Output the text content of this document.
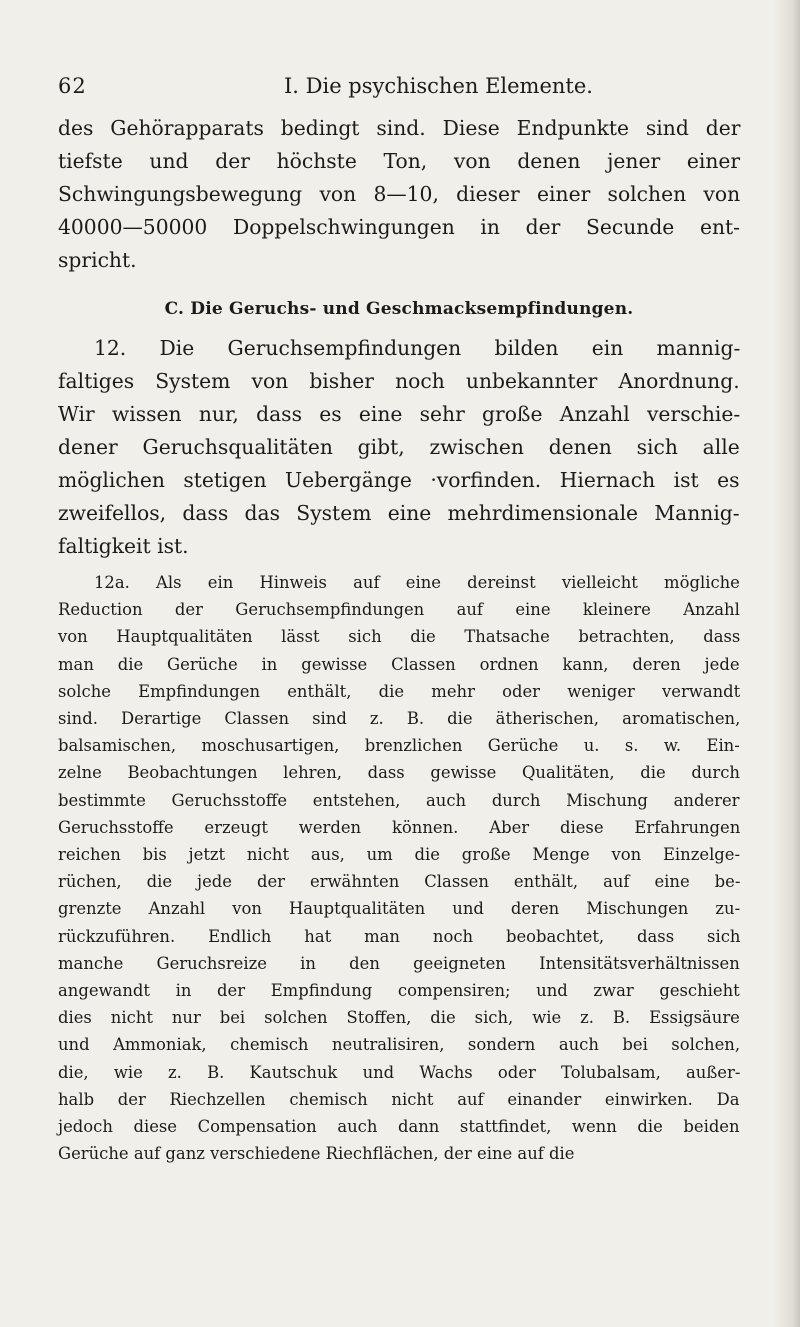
62	I. Die psychischen Elemente.

des Gehörapparats bedingt sind. Diese Endpunkte sind der
tiefste und der höchste Ton, von denen jener einer
Schwingungsbewegung von 8—10, dieser einer solchen von
40000—50000 Doppelschwingungen in der Secunde ent-
spricht.

C. Die Geruchs- und Geschmacksempfindungen.

12. Die Geruchsempfindungen bilden ein mannig-
faltiges System von bisher noch unbekannter Anordnung.
Wir wissen nur, dass es eine sehr große Anzahl verschie-
dener Geruchsqualitäten gibt, zwischen denen sich alle
möglichen stetigen Uebergänge ·vorfinden. Hiernach ist es
zweifellos, dass das System eine mehrdimensionale Mannig-
faltigkeit ist.

12a. Als ein Hinweis auf eine dereinst vielleicht mögliche
Reduction der Geruchsempfindungen auf eine kleinere Anzahl
von Hauptqualitäten lässt sich die Thatsache betrachten, dass
man die Gerüche in gewisse Classen ordnen kann, deren jede
solche Empfindungen enthält, die mehr oder weniger verwandt
sind. Derartige Classen sind z. B. die ätherischen, aromatischen,
balsamischen, moschusartigen, brenzlichen Gerüche u. s. w. Ein-
zelne Beobachtungen lehren, dass gewisse Qualitäten, die durch
bestimmte Geruchsstoffe entstehen, auch durch Mischung anderer
Geruchsstoffe erzeugt werden können. Aber diese Erfahrungen
reichen bis jetzt nicht aus, um die große Menge von Einzelge-
rüchen, die jede der erwähnten Classen enthält, auf eine be-
grenzte Anzahl von Hauptqualitäten und deren Mischungen zu-
rückzuführen. Endlich hat man noch beobachtet, dass sich
manche Geruchsreize in den geeigneten Intensitätsverhältnissen
angewandt in der Empfindung compensiren; und zwar geschieht
dies nicht nur bei solchen Stoffen, die sich, wie z. B. Essigsäure
und Ammoniak, chemisch neutralisiren, sondern auch bei solchen,
die, wie z. B. Kautschuk und Wachs oder Tolubalsam, außer-
halb der Riechzellen chemisch nicht auf einander einwirken. Da
jedoch diese Compensation auch dann stattfindet, wenn die beiden
Gerüche auf ganz verschiedene Riechflächen, der eine auf die
